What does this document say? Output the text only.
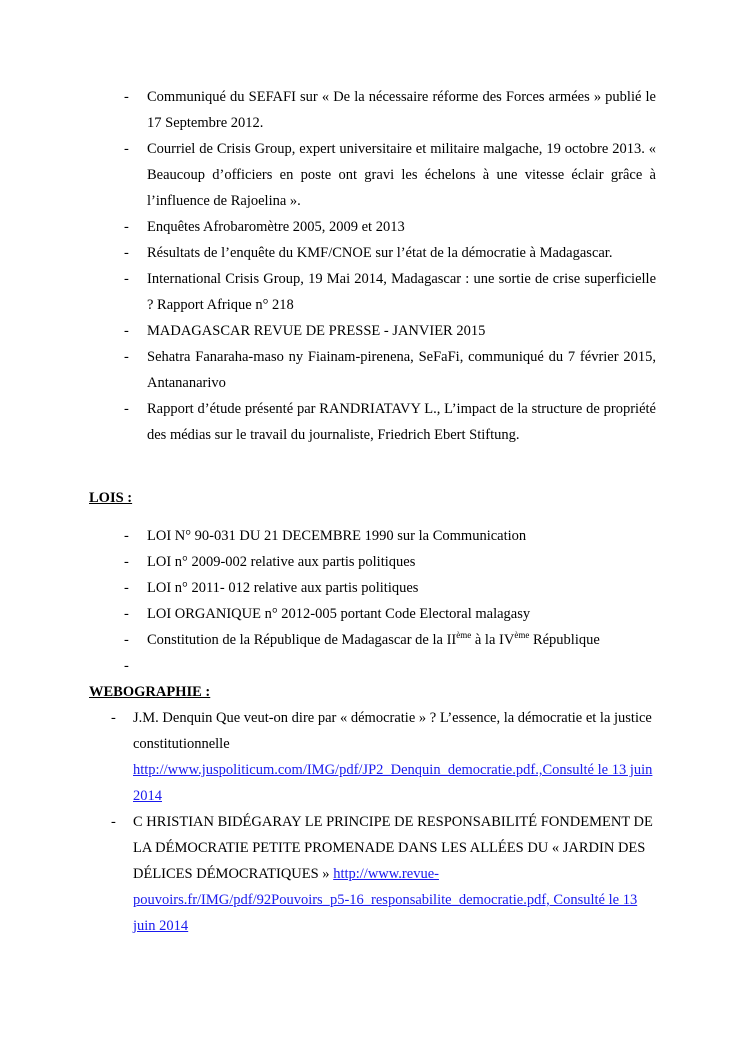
- Communiqué du SEFAFI sur « De la nécessaire réforme des Forces armées » publié le 17 Septembre 2012.
- Courriel de Crisis Group, expert universitaire et militaire malgache, 19 octobre 2013. « Beaucoup d’officiers en poste ont gravi les échelons à une vitesse éclair grâce à l’influence de Rajoelina ».
- Enquêtes Afrobaromètre 2005, 2009 et 2013
- Résultats de l’enquête du KMF/CNOE sur l’état de la démocratie à Madagascar.
- International Crisis Group, 19 Mai 2014, Madagascar : une sortie de crise superficielle ? Rapport Afrique n° 218
- MADAGASCAR REVUE DE PRESSE - JANVIER 2015
- Sehatra Fanaraha-maso ny Fiainam-pirenena, SeFaFi, communiqué du 7 février 2015, Antananarivo
- Rapport d’étude présenté par RANDRIATAVY L., L’impact de la structure de propriété des médias sur le travail du journaliste, Friedrich Ebert Stiftung.
LOIS :
- LOI N° 90-031 DU 21 DECEMBRE 1990 sur la Communication
- LOI n° 2009-002 relative aux partis politiques
- LOI n° 2011- 012 relative aux partis politiques
- LOI ORGANIQUE n° 2012-005 portant Code Electoral malagasy
- Constitution de la République de Madagascar de la IIème à la IVème République
-

WEBOGRAPHIE :
- J.M. Denquin Que veut-on dire par « démocratie » ? L’essence, la démocratie et la justice constitutionnelle http://www.juspoliticum.com/IMG/pdf/JP2_Denquin_democratie.pdf.,Consulté le 13 juin 2014
- C HRISTIAN BIDÉGARAY LE PRINCIPE DE RESPONSABILITÉ FONDEMENT DE LA DÉMOCRATIE PETITE PROMENADE DANS LES ALLÉES DU « JARDIN DES DÉLICES DÉMOCRATIQUES » http://www.revue-pouvoirs.fr/IMG/pdf/92Pouvoirs_p5-16_responsabilite_democratie.pdf, Consulté le 13 juin 2014
